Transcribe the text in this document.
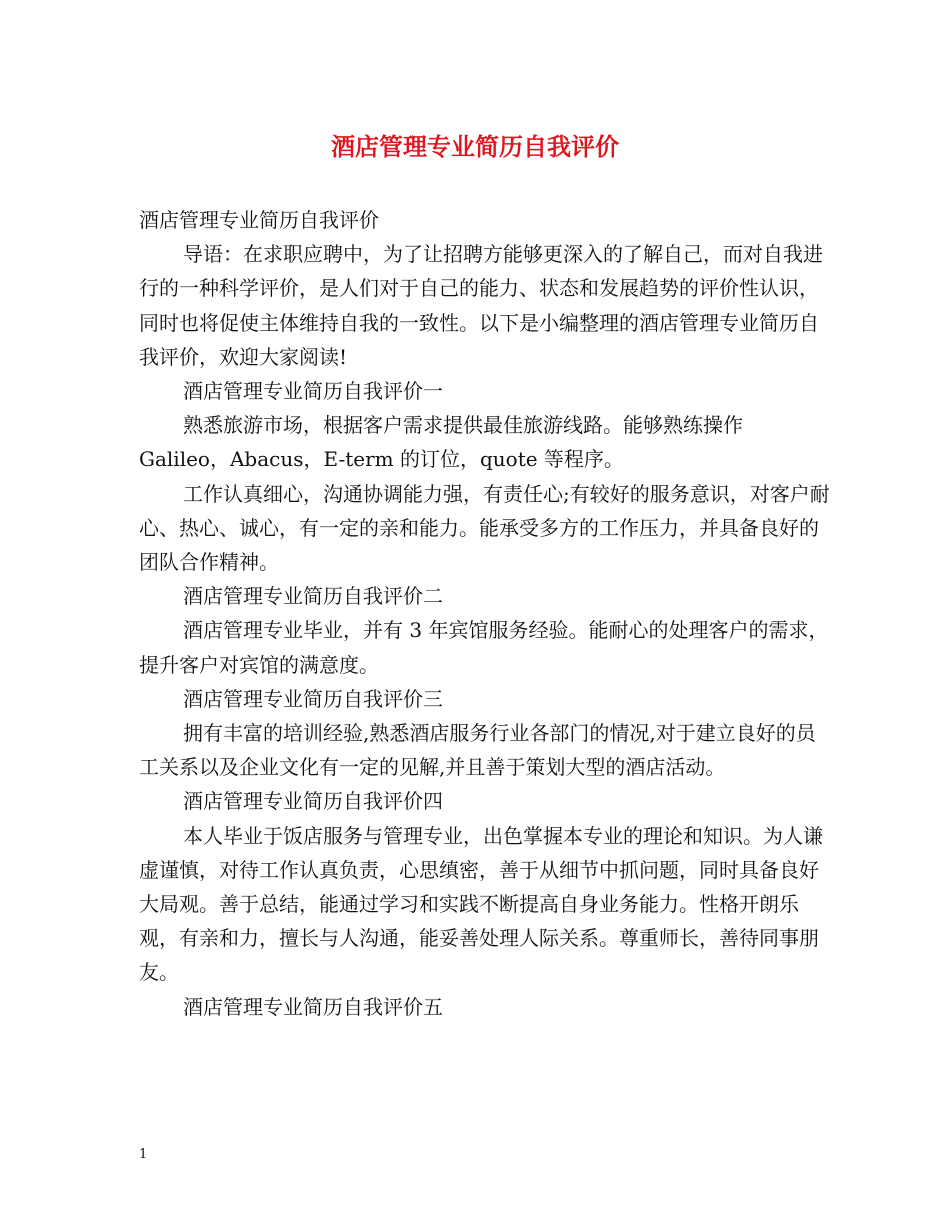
酒店管理专业简历自我评价

酒店管理专业简历自我评价

导语：在求职应聘中，为了让招聘方能够更深入的了解自己，而对自我进行的一种科学评价，是人们对于自己的能力、状态和发展趋势的评价性认识，同时也将促使主体维持自我的一致性。以下是小编整理的酒店管理专业简历自我评价，欢迎大家阅读!

酒店管理专业简历自我评价一

熟悉旅游市场，根据客户需求提供最佳旅游线路。能够熟练操作 Galileo，Abacus，E-term 的订位，quote 等程序。

工作认真细心，沟通协调能力强，有责任心;有较好的服务意识，对客户耐心、热心、诚心，有一定的亲和能力。能承受多方的工作压力，并具备良好的团队合作精神。

酒店管理专业简历自我评价二

酒店管理专业毕业，并有 3 年宾馆服务经验。能耐心的处理客户的需求，提升客户对宾馆的满意度。

酒店管理专业简历自我评价三

拥有丰富的培训经验,熟悉酒店服务行业各部门的情况,对于建立良好的员工关系以及企业文化有一定的见解,并且善于策划大型的酒店活动。

酒店管理专业简历自我评价四

本人毕业于饭店服务与管理专业，出色掌握本专业的理论和知识。为人谦虚谨慎，对待工作认真负责，心思缜密，善于从细节中抓问题，同时具备良好大局观。善于总结，能通过学习和实践不断提高自身业务能力。性格开朗乐观，有亲和力，擅长与人沟通，能妥善处理人际关系。尊重师长，善待同事朋友。

酒店管理专业简历自我评价五

1
